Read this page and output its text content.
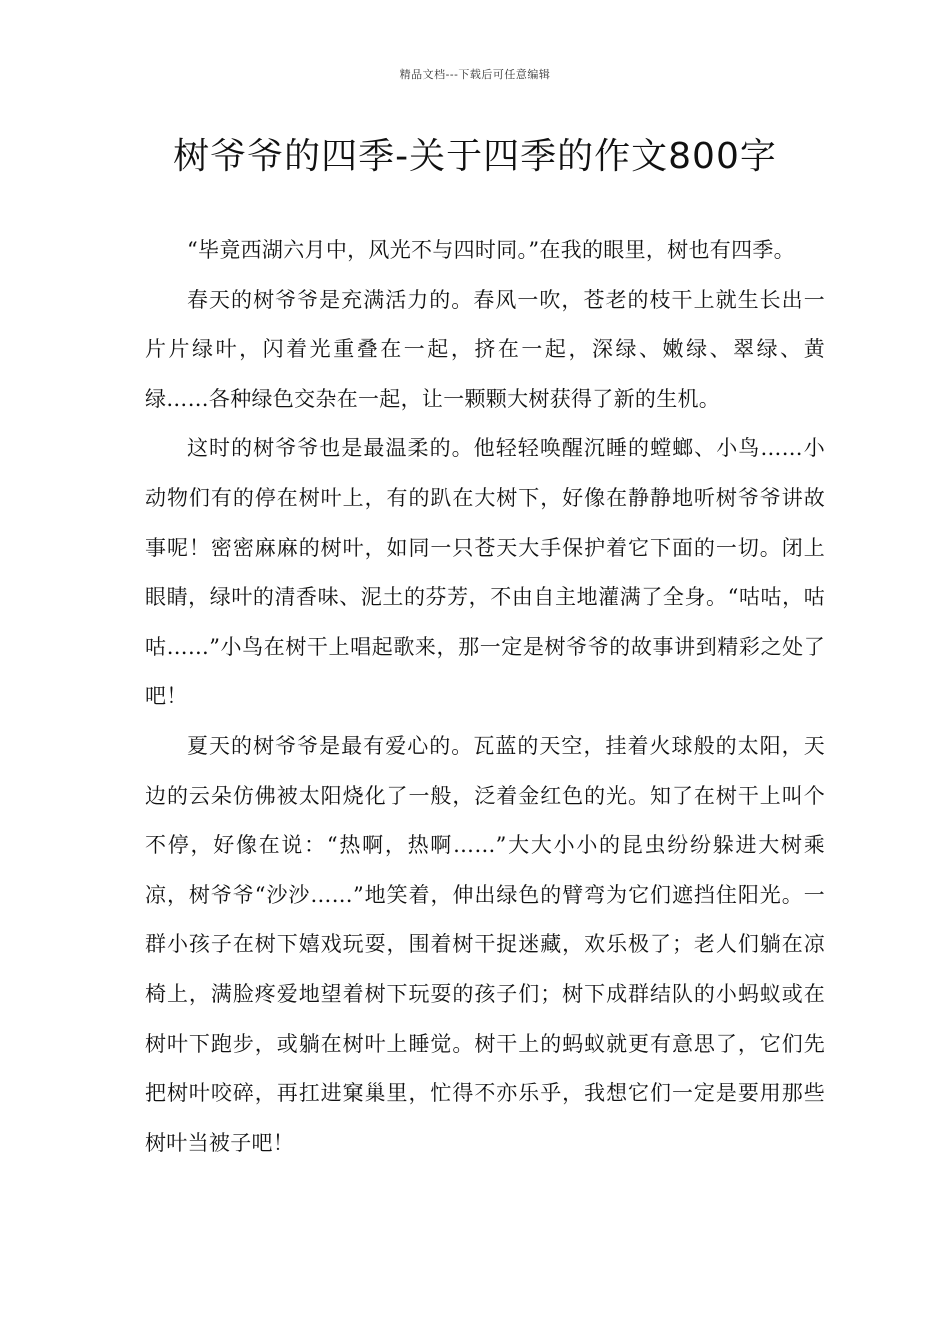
精品文档---下载后可任意编辑
树爷爷的四季-关于四季的作文800字

“毕竟西湖六月中，风光不与四时同。”在我的眼里，树也有四季。

春天的树爷爷是充满活力的。春风一吹，苍老的枝干上就生长出一片片绿叶，闪着光重叠在一起，挤在一起，深绿、嫩绿、翠绿、黄绿……各种绿色交杂在一起，让一颗颗大树获得了新的生机。

这时的树爷爷也是最温柔的。他轻轻唤醒沉睡的螳螂、小鸟……小动物们有的停在树叶上，有的趴在大树下，好像在静静地听树爷爷讲故事呢！密密麻麻的树叶，如同一只苍天大手保护着它下面的一切。闭上眼睛，绿叶的清香味、泥土的芬芳，不由自主地灌满了全身。“咕咕，咕咕……”小鸟在树干上唱起歌来，那一定是树爷爷的故事讲到精彩之处了吧！

夏天的树爷爷是最有爱心的。瓦蓝的天空，挂着火球般的太阳，天边的云朵仿佛被太阳烧化了一般，泛着金红色的光。知了在树干上叫个不停，好像在说：“热啊，热啊……”大大小小的昆虫纷纷躲进大树乘凉，树爷爷“沙沙……”地笑着，伸出绿色的臂弯为它们遮挡住阳光。一群小孩子在树下嬉戏玩耍，围着树干捉迷藏，欢乐极了；老人们躺在凉椅上，满脸疼爱地望着树下玩耍的孩子们；树下成群结队的小蚂蚁或在树叶下跑步，或躺在树叶上睡觉。树干上的蚂蚁就更有意思了，它们先把树叶咬碎，再扛进窠巢里，忙得不亦乐乎，我想它们一定是要用那些树叶当被子吧！
